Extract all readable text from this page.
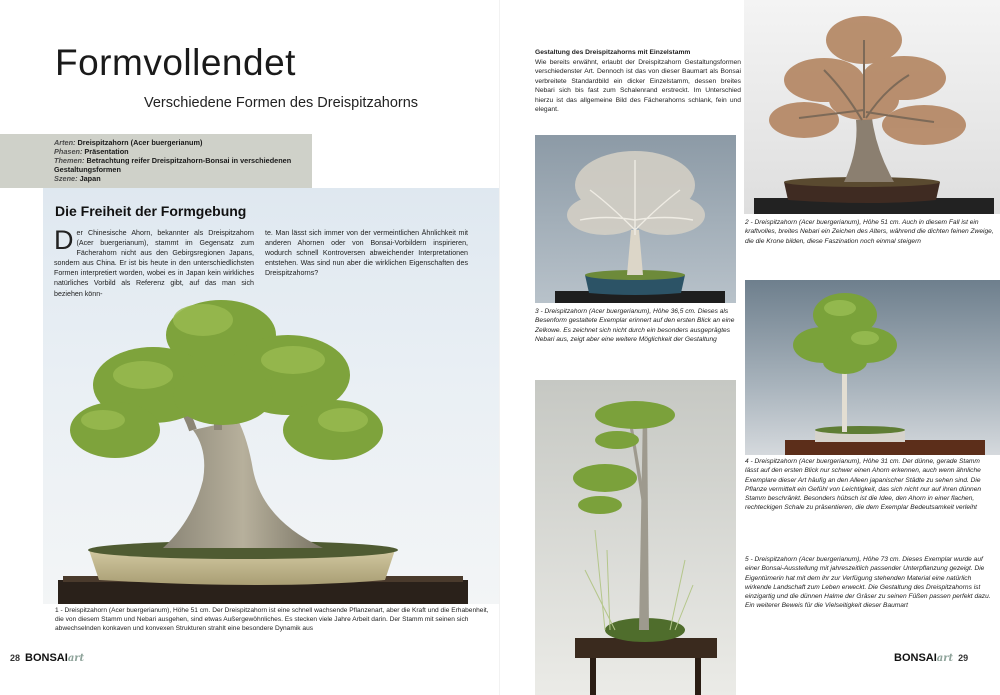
Formvollendet
Verschiedene Formen des Dreispitzahorns
Arten: Dreispitzahorn (Acer buergerianum)
Phasen: Präsentation
Themen: Betrachtung reifer Dreispitzahorn-Bonsai in verschiedenen Gestaltungsformen
Szene: Japan
Die Freiheit der Formgebung
Der Chinesische Ahorn, bekannter als Dreispitzahorn (Acer buergerianum), stammt im Gegensatz zum Fächerahorn nicht aus den Gebirgsregionen Japans, sondern aus China. Er ist bis heute in den unterschiedlichsten Formen interpretiert worden, wobei es in Japan kein wirkliches natürliches Vorbild als Referenz gibt, auf das man sich beziehen könn-
te. Man lässt sich immer von der vermeintlichen Ähnlichkeit mit anderen Ahornen oder von Bonsai-Vorbildern inspirieren, wodurch schnell Kontroversen abweichender Interpretationen entstehen. Was sind nun aber die wirklichen Eigenschaften des Dreispitzahorns?
1 - Dreispitzahorn (Acer buergerianum), Höhe 51 cm. Der Dreispitzahorn ist eine schnell wachsende Pflanzenart, aber die Kraft und die Erhabenheit, die von diesem Stamm und Nebari ausgehen, sind etwas Außergewöhnliches. Es stecken viele Jahre Arbeit darin. Der Stamm mit seinen sich abwechselnden konkaven und konvexen Strukturen strahlt eine besondere Dynamik aus
28 BONSAIart
Gestaltung des Dreispitzahorns mit Einzelstamm
Wie bereits erwähnt, erlaubt der Dreispitzahorn Gestaltungsformen verschiedenster Art. Dennoch ist das von dieser Baumart als Bonsai verbreitete Standardbild ein dicker Einzelstamm, dessen breites Nebari sich bis fast zum Schalenrand erstreckt. Im Unterschied hierzu ist das allgemeine Bild des Fächerahorns schlank, fein und elegant.
2 - Dreispitzahorn (Acer buergerianum), Höhe 51 cm. Auch in diesem Fall ist ein kraftvolles, breites Nebari ein Zeichen des Alters, während die dichten feinen Zweige, die die Krone bilden, diese Faszination noch einmal steigern
3 - Dreispitzahorn (Acer buergerianum), Höhe 36,5 cm. Dieses als Besenform gestaltete Exemplar erinnert auf den ersten Blick an eine Zelkowe. Es zeichnet sich nicht durch ein besonders ausgeprägtes Nebari aus, zeigt aber eine weitere Möglichkeit der Gestaltung
4 - Dreispitzahorn (Acer buergerianum), Höhe 31 cm. Der dünne, gerade Stamm lässt auf den ersten Blick nur schwer einen Ahorn erkennen, auch wenn ähnliche Exemplare dieser Art häufig an den Alleen japanischer Städte zu sehen sind. Die Pflanze vermittelt ein Gefühl von Leichtigkeit, das sich nicht nur auf ihren dünnen Stamm beschränkt. Besonders hübsch ist die Idee, den Ahorn in einer flachen, rechteckigen Schale zu präsentieren, die dem Exemplar Bedeutsamkeit verleiht
5 - Dreispitzahorn (Acer buergerianum), Höhe 73 cm. Dieses Exemplar wurde auf einer Bonsai-Ausstellung mit jahreszeitlich passender Unterpflanzung gezeigt. Die Eigentümerin hat mit dem ihr zur Verfügung stehenden Material eine natürlich wirkende Landschaft zum Leben erweckt. Die Gestaltung des Dreispitzahorns ist einzigartig und die dünnen Halme der Gräser zu seinen Füßen passen perfekt dazu. Ein weiterer Beweis für die Vielseitigkeit dieser Baumart
BONSAIart 29
